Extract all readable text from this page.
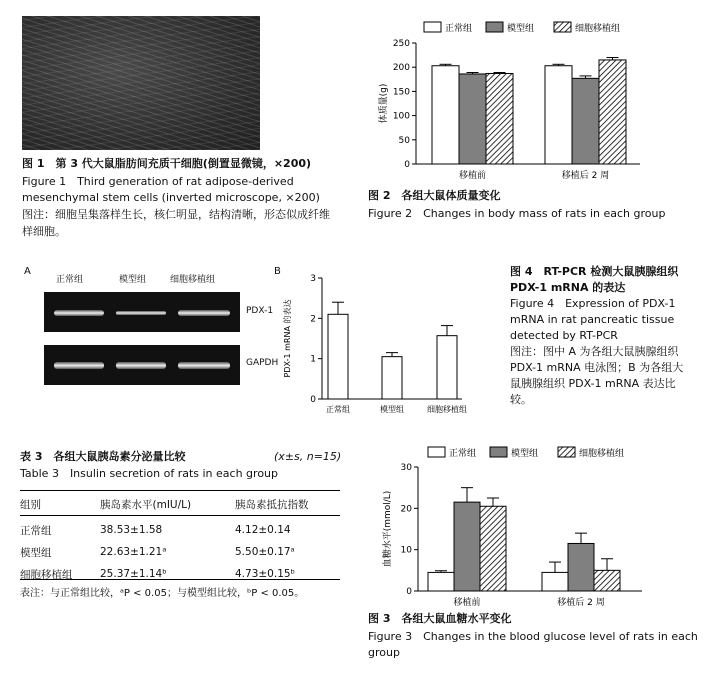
图 1　第 3 代大鼠脂肪间充质干细胞(倒置显微镜，×200)
Figure 1　Third generation of rat adipose-derived
mesenchymal stem cells (inverted microscope, ×200)
图注：细胞呈集落样生长，核仁明显，结构清晰，形态似成纤维
样细胞。
正常组	模型组	细胞移植组
0
50
100
150
200
250
体质量(g)
移植前	移植后 2 周
图 2　各组大鼠体质量变化
Figure 2　Changes in body mass of rats in each group
A
正常组	模型组	细胞移植组
PDX-1
GAPDH
B
0
1
2
3
PDX-1 mRNA 的表达
正常组	模型组	细胞移植组
图 4　RT-PCR 检测大鼠胰腺组织
PDX-1 mRNA 的表达
Figure 4　Expression of PDX-1
mRNA in rat pancreatic tissue
detected by RT-PCR
图注：图中 A 为各组大鼠胰腺组织
PDX-1 mRNA 电泳图；B 为各组大
鼠胰腺组织 PDX-1 mRNA 表达比
较。
表 3　各组大鼠胰岛素分泌量比较	(x±s, n=15)
Table 3　Insulin secretion of rats in each group
组别	胰岛素水平(mIU/L)	胰岛素抵抗指数

正常组	38.53±1.58	4.12±0.14
模型组	22.63±1.21ᵃ	5.50±0.17ᵃ
细胞移植组	25.37±1.14ᵇ	4.73±0.15ᵇ
表注：与正常组比较，ᵃP < 0.05；与模型组比较，ᵇP < 0.05。
正常组	模型组	细胞移植组
0
10
20
30
血糖水平(mmol/L)
移植前	移植后 2 周
图 3　各组大鼠血糖水平变化
Figure 3　Changes in the blood glucose level of rats in each
group
